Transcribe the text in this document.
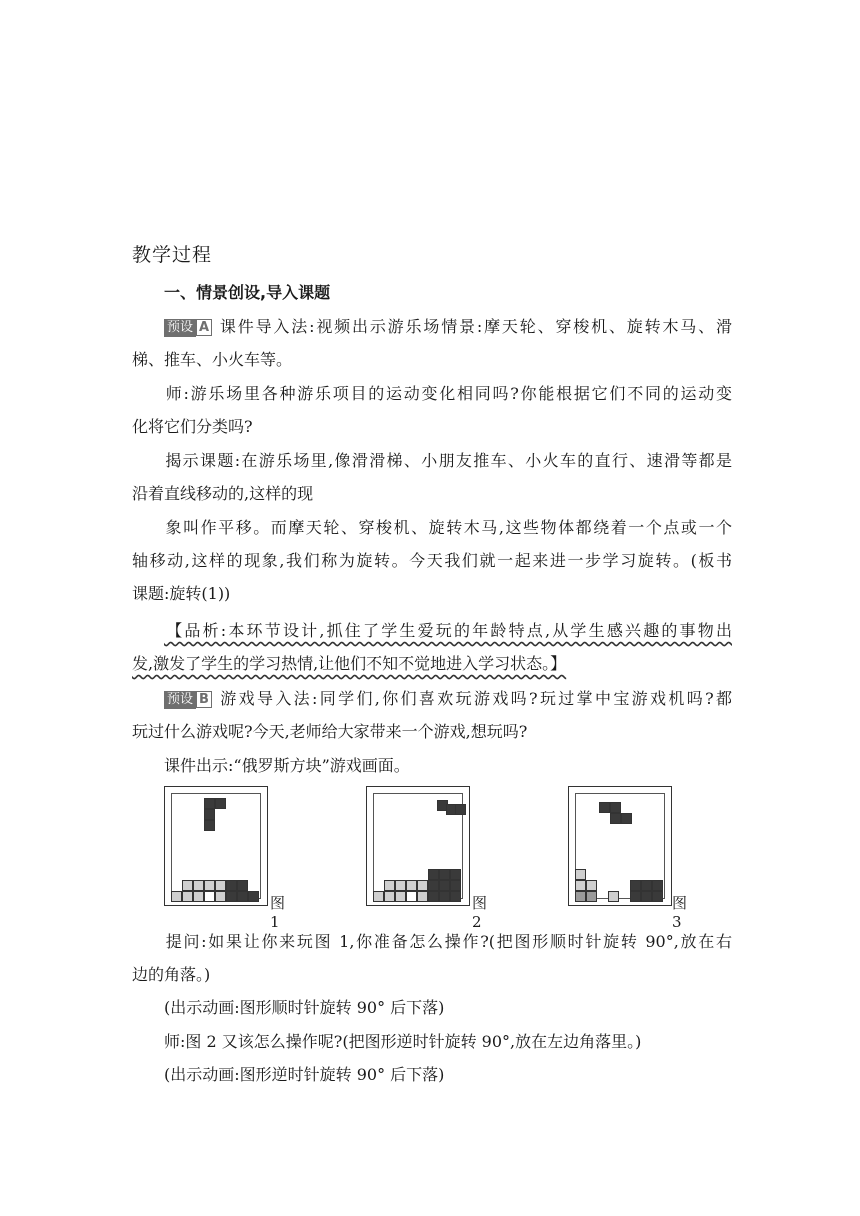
教学过程
一、情景创设,导入课题
预设 A 课件导入法:视频出示游乐场情景:摩天轮、穿梭机、旋转木马、滑
梯、推车、小火车等。
师:游乐场里各种游乐项目的运动变化相同吗?你能根据它们不同的运动变
化将它们分类吗?
揭示课题:在游乐场里,像滑滑梯、小朋友推车、小火车的直行、速滑等都是
沿着直线移动的,这样的现
象叫作平移。而摩天轮、穿梭机、旋转木马,这些物体都绕着一个点或一个
轴移动,这样的现象,我们称为旋转。今天我们就一起来进一步学习旋转。(板书
课题:旋转(1))
【品析:本环节设计,抓住了学生爱玩的年龄特点,从学生感兴趣的事物出
发,激发了学生的学习热情,让他们不知不觉地进入学习状态。】
预设 B 游戏导入法:同学们,你们喜欢玩游戏吗?玩过掌中宝游戏机吗?都
玩过什么游戏呢?今天,老师给大家带来一个游戏,想玩吗?
课件出示:“俄罗斯方块”游戏画面。
图 1
图 2
图 3
提问:如果让你来玩图 1,你准备怎么操作?(把图形顺时针旋转 90°,放在右
边的角落。)
(出示动画:图形顺时针旋转 90° 后下落)
师:图 2 又该怎么操作呢?(把图形逆时针旋转 90°,放在左边角落里。)
(出示动画:图形逆时针旋转 90° 后下落)
